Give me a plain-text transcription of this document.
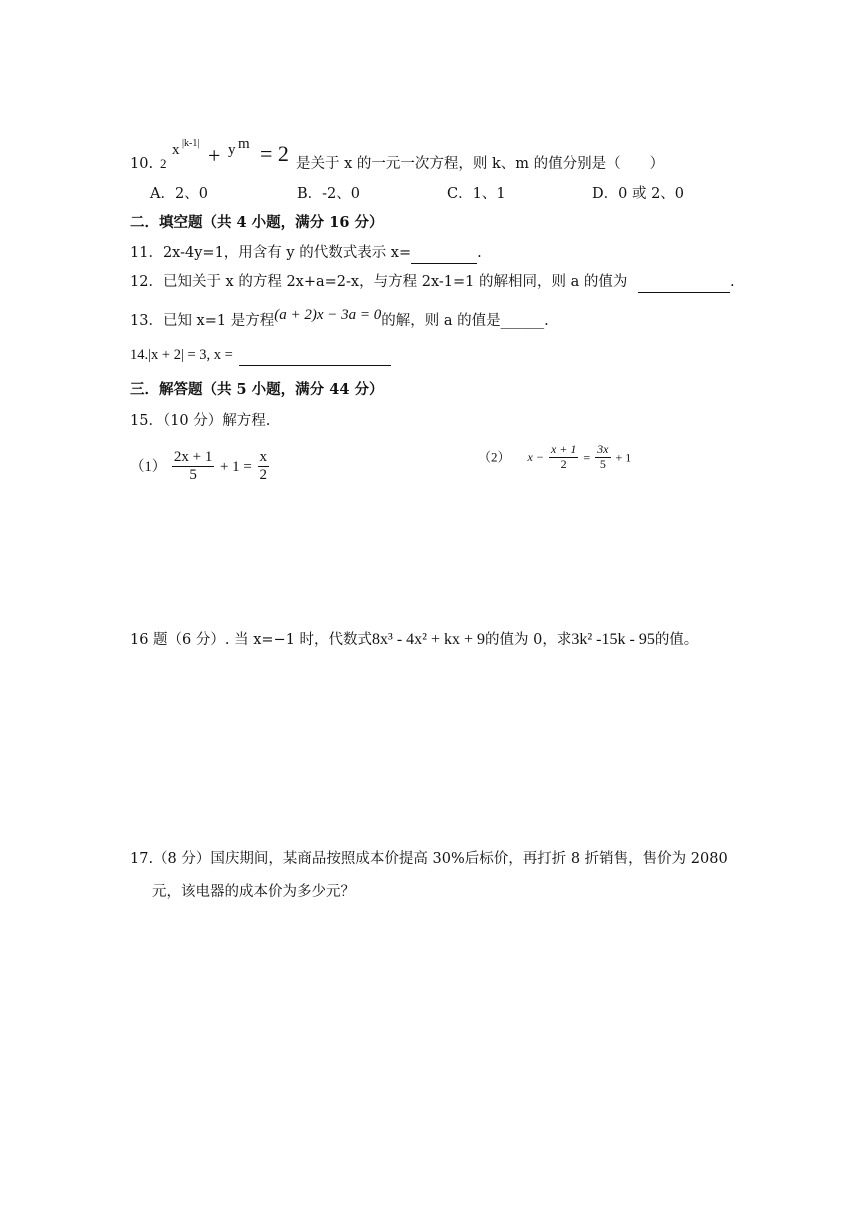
10. 2
x |k-1| + y m = 2 是关于 x 的一元一次方程，则 k、m 的值分别是（　　）
A．2、0	B．-2、0	C．1、1	D．0 或 2、0
二．填空题（共 4 小题，满分 16 分）
11．2x-4y=1，用含有 y 的代数式表示 x=	.
12．已知关于 x 的方程 2x+a=2-x，与方程 2x-1=1 的解相同，则 a 的值为	.
13．已知 x=1 是方程(a + 2)x − 3a = 0的解，则 a 的值是______.
14.|x + 2| = 3, x =
三．解答题（共 5 小题，满分 44 分）
15．（10 分）解方程.
$(1) \frac{2x + 1}{5} + 1 = \frac{x}{2}$	（2） $x - \frac{x + 1}{2} = \frac{3x}{5} + 1$
16 题（6 分）. 当 x=−1 时，代数式8x³ - 4x² + kx + 9的值为 0，求3k² -15k - 95的值。
17.（8 分）国庆期间，某商品按照成本价提高 30%后标价，再打折 8 折销售，售价为 2080
元，该电器的成本价为多少元？
